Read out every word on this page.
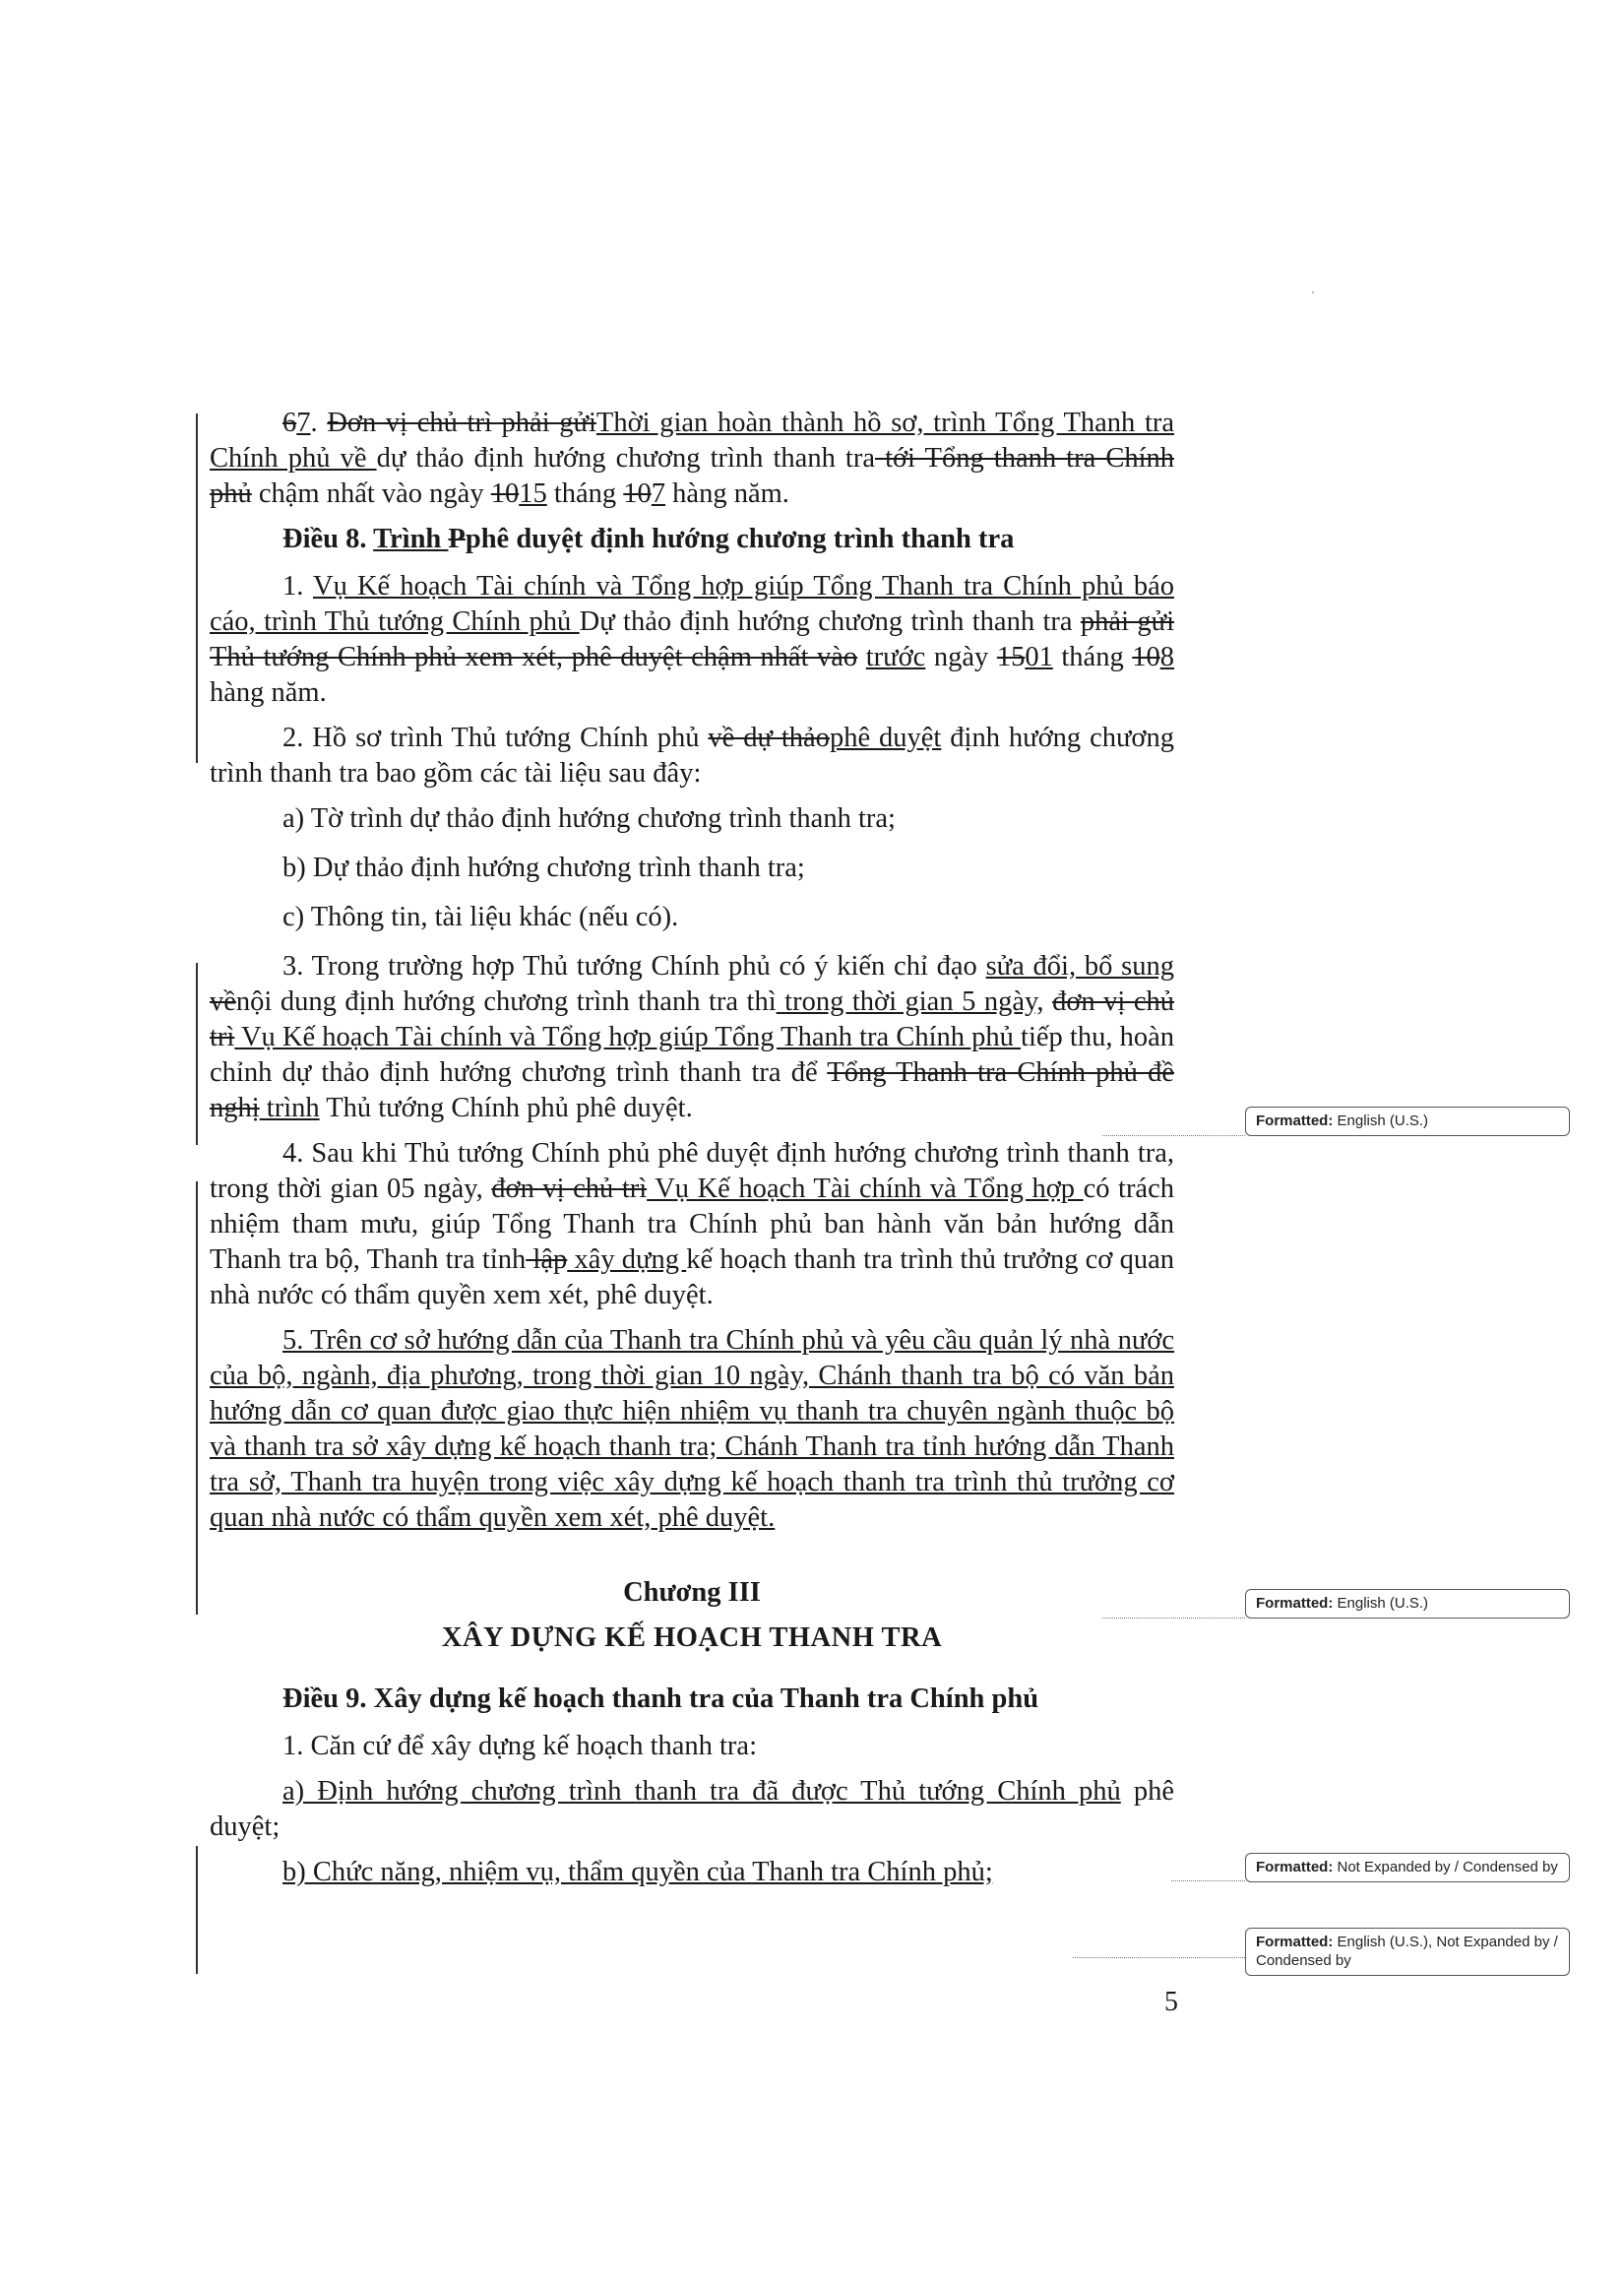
67. Đơn vị chủ trì phải gửiThời gian hoàn thành hồ sơ, trình Tổng Thanh tra Chính phủ về dự thảo định hướng chương trình thanh tra tới Tổng thanh tra Chính phủ chậm nhất vào ngày 1015 tháng 107 hàng năm.

Điều 8. Trình Pphê duyệt định hướng chương trình thanh tra

1. Vụ Kế hoạch Tài chính và Tổng hợp giúp Tổng Thanh tra Chính phủ báo cáo, trình Thủ tướng Chính phủ Dự thảo định hướng chương trình thanh tra phải gửi Thủ tướng Chính phủ xem xét, phê duyệt chậm nhất vào trước ngày 1501 tháng 108 hàng năm.

2. Hồ sơ trình Thủ tướng Chính phủ về dự thảophê duyệt định hướng chương trình thanh tra bao gồm các tài liệu sau đây:

a) Tờ trình dự thảo định hướng chương trình thanh tra;

b) Dự thảo định hướng chương trình thanh tra;

c) Thông tin, tài liệu khác (nếu có).

3. Trong trường hợp Thủ tướng Chính phủ có ý kiến chỉ đạo sửa đổi, bổ sung vềnội dung định hướng chương trình thanh tra thì trong thời gian 5 ngày, đơn vị chủ trì Vụ Kế hoạch Tài chính và Tổng hợp giúp Tổng Thanh tra Chính phủ tiếp thu, hoàn chỉnh dự thảo định hướng chương trình thanh tra để Tổng Thanh tra Chính phủ đề nghị trình Thủ tướng Chính phủ phê duyệt.

4. Sau khi Thủ tướng Chính phủ phê duyệt định hướng chương trình thanh tra, trong thời gian 05 ngày, đơn vị chủ trì Vụ Kế hoạch Tài chính và Tổng hợp có trách nhiệm tham mưu, giúp Tổng Thanh tra Chính phủ ban hành văn bản hướng dẫn Thanh tra bộ, Thanh tra tỉnh lập xây dựng kế hoạch thanh tra trình thủ trưởng cơ quan nhà nước có thẩm quyền xem xét, phê duyệt.

5. Trên cơ sở hướng dẫn của Thanh tra Chính phủ và yêu cầu quản lý nhà nước của bộ, ngành, địa phương, trong thời gian 10 ngày, Chánh thanh tra bộ có văn bản hướng dẫn cơ quan được giao thực hiện nhiệm vụ thanh tra chuyên ngành thuộc bộ và thanh tra sở xây dựng kế hoạch thanh tra; Chánh Thanh tra tỉnh hướng dẫn Thanh tra sở, Thanh tra huyện trong việc xây dựng kế hoạch thanh tra trình thủ trưởng cơ quan nhà nước có thẩm quyền xem xét, phê duyệt.

Chương III

XÂY DỰNG KẾ HOẠCH THANH TRA

Điều 9. Xây dựng kế hoạch thanh tra của Thanh tra Chính phủ

1. Căn cứ để xây dựng kế hoạch thanh tra:

a) Định hướng chương trình thanh tra đã được Thủ tướng Chính phủ phê duyệt;

b) Chức năng, nhiệm vụ, thẩm quyền của Thanh tra Chính phủ;

Formatted: English (U.S.)
Formatted: English (U.S.)
Formatted: Not Expanded by / Condensed by
Formatted: English (U.S.), Not Expanded by / Condensed by
5
